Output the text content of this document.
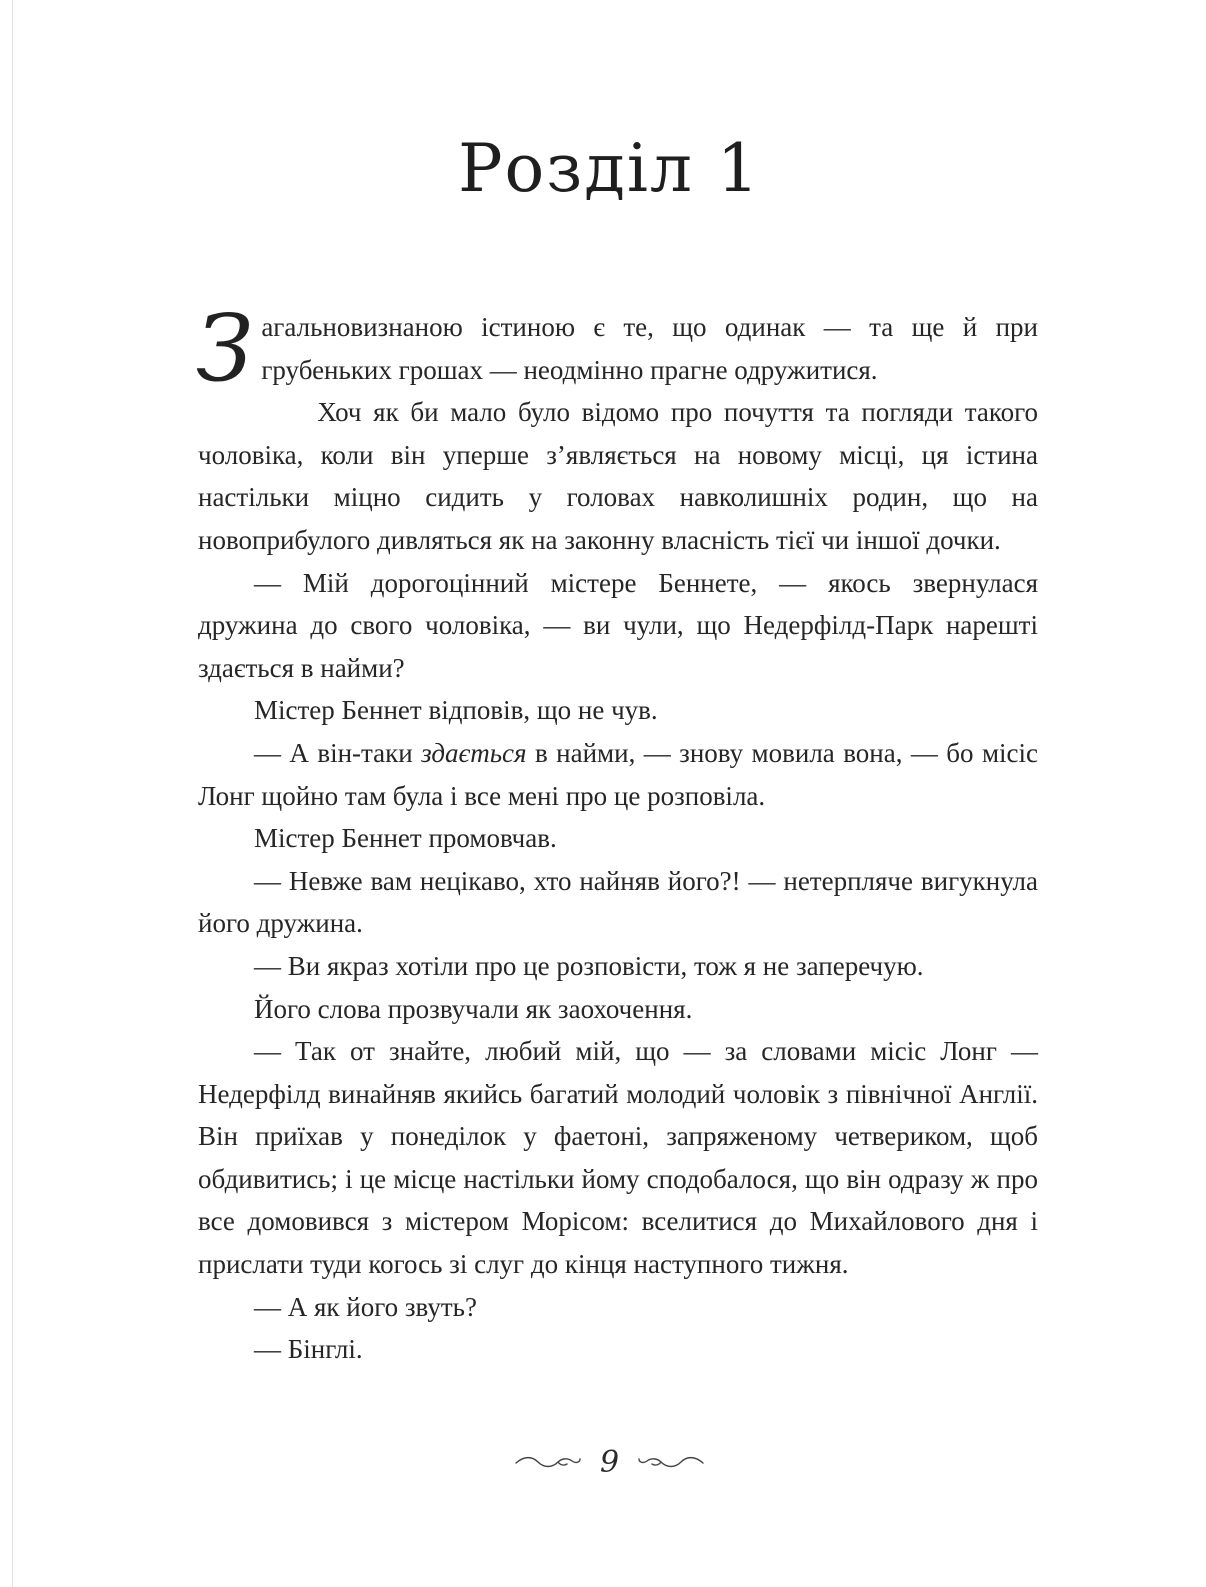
Розділ 1

Загальновизнаною істиною є те, що одинак — та ще й при грубеньких грошах — неодмінно прагне одружитися.

Хоч як би мало було відомо про почуття та погляди такого чоловіка, коли він уперше з’являється на новому місці, ця істина настільки міцно сидить у головах навколишніх родин, що на новоприбулого дивляться як на законну власність тієї чи іншої дочки.

— Мій дорогоцінний містере Беннете, — якось звернулася дружина до свого чоловіка, — ви чули, що Недерфілд-Парк нарешті здається в найми?

Містер Беннет відповів, що не чув.

— А він-таки здається в найми, — знову мовила вона, — бо місіс Лонг щойно там була і все мені про це розповіла.

Містер Беннет промовчав.

— Невже вам нецікаво, хто найняв його?! — нетерпляче вигукнула його дружина.

— Ви якраз хотіли про це розповісти, тож я не заперечую.

Його слова прозвучали як заохочення.

— Так от знайте, любий мій, що — за словами місіс Лонг — Недерфілд винайняв якийсь багатий молодий чоловік з північної Англії. Він приїхав у понеділок у фаетоні, запряженому четвериком, щоб обдивитись; і це місце настільки йому сподобалося, що він одразу ж про все домовився з містером Морісом: вселитися до Михайлового дня і прислати туди когось зі слуг до кінця наступного тижня.

— А як його звуть?

— Бінглі.

9
